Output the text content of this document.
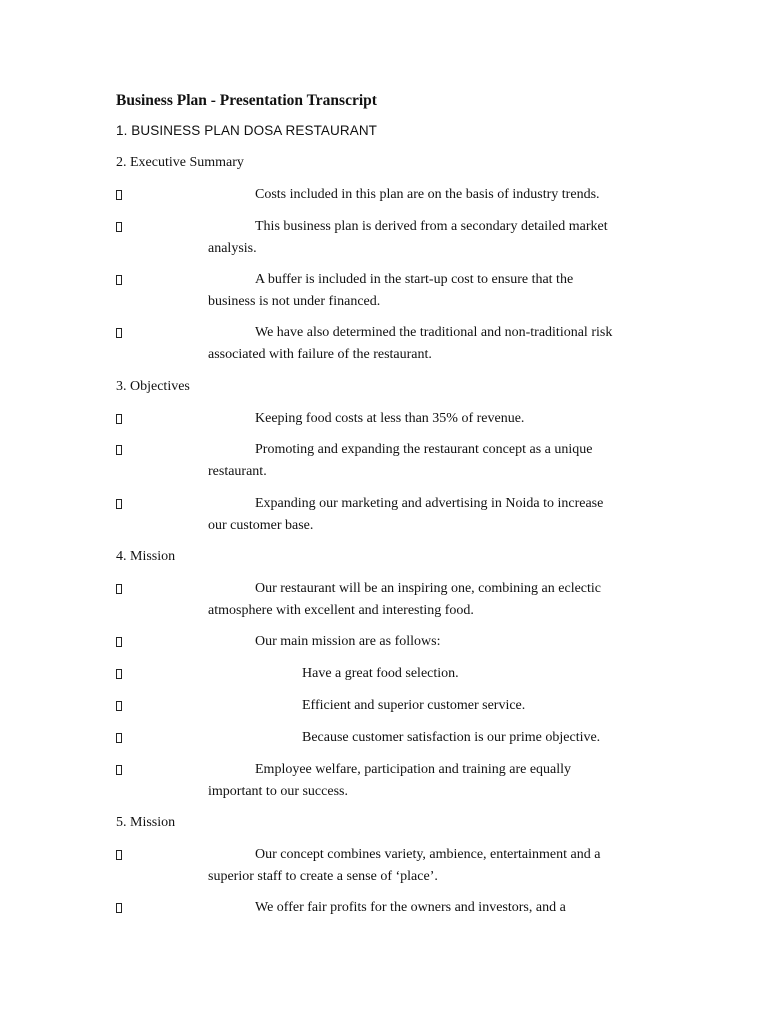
Business Plan - Presentation Transcript
1. BUSINESS PLAN DOSA RESTAURANT
2. Executive Summary
Costs included in this plan are on the basis of industry trends.
This business plan is derived from a secondary detailed market
analysis.
A buffer is included in the start-up cost to ensure that the
business is not under financed.
We have also determined the traditional and non-traditional risk
associated with failure of the restaurant.
3. Objectives
Keeping food costs at less than 35% of revenue.
Promoting and expanding the restaurant concept as a unique
restaurant.
Expanding our marketing and advertising in Noida to increase
our customer base.
4. Mission
Our restaurant will be an inspiring one, combining an eclectic
atmosphere with excellent and interesting food.
Our main mission are as follows:
Have a great food selection.
Efficient and superior customer service.
Because customer satisfaction is our prime objective.
Employee welfare, participation and training are equally
important to our success.
5. Mission
Our concept combines variety, ambience, entertainment and a
superior staff to create a sense of ‘place’.
We offer fair profits for the owners and investors, and a
